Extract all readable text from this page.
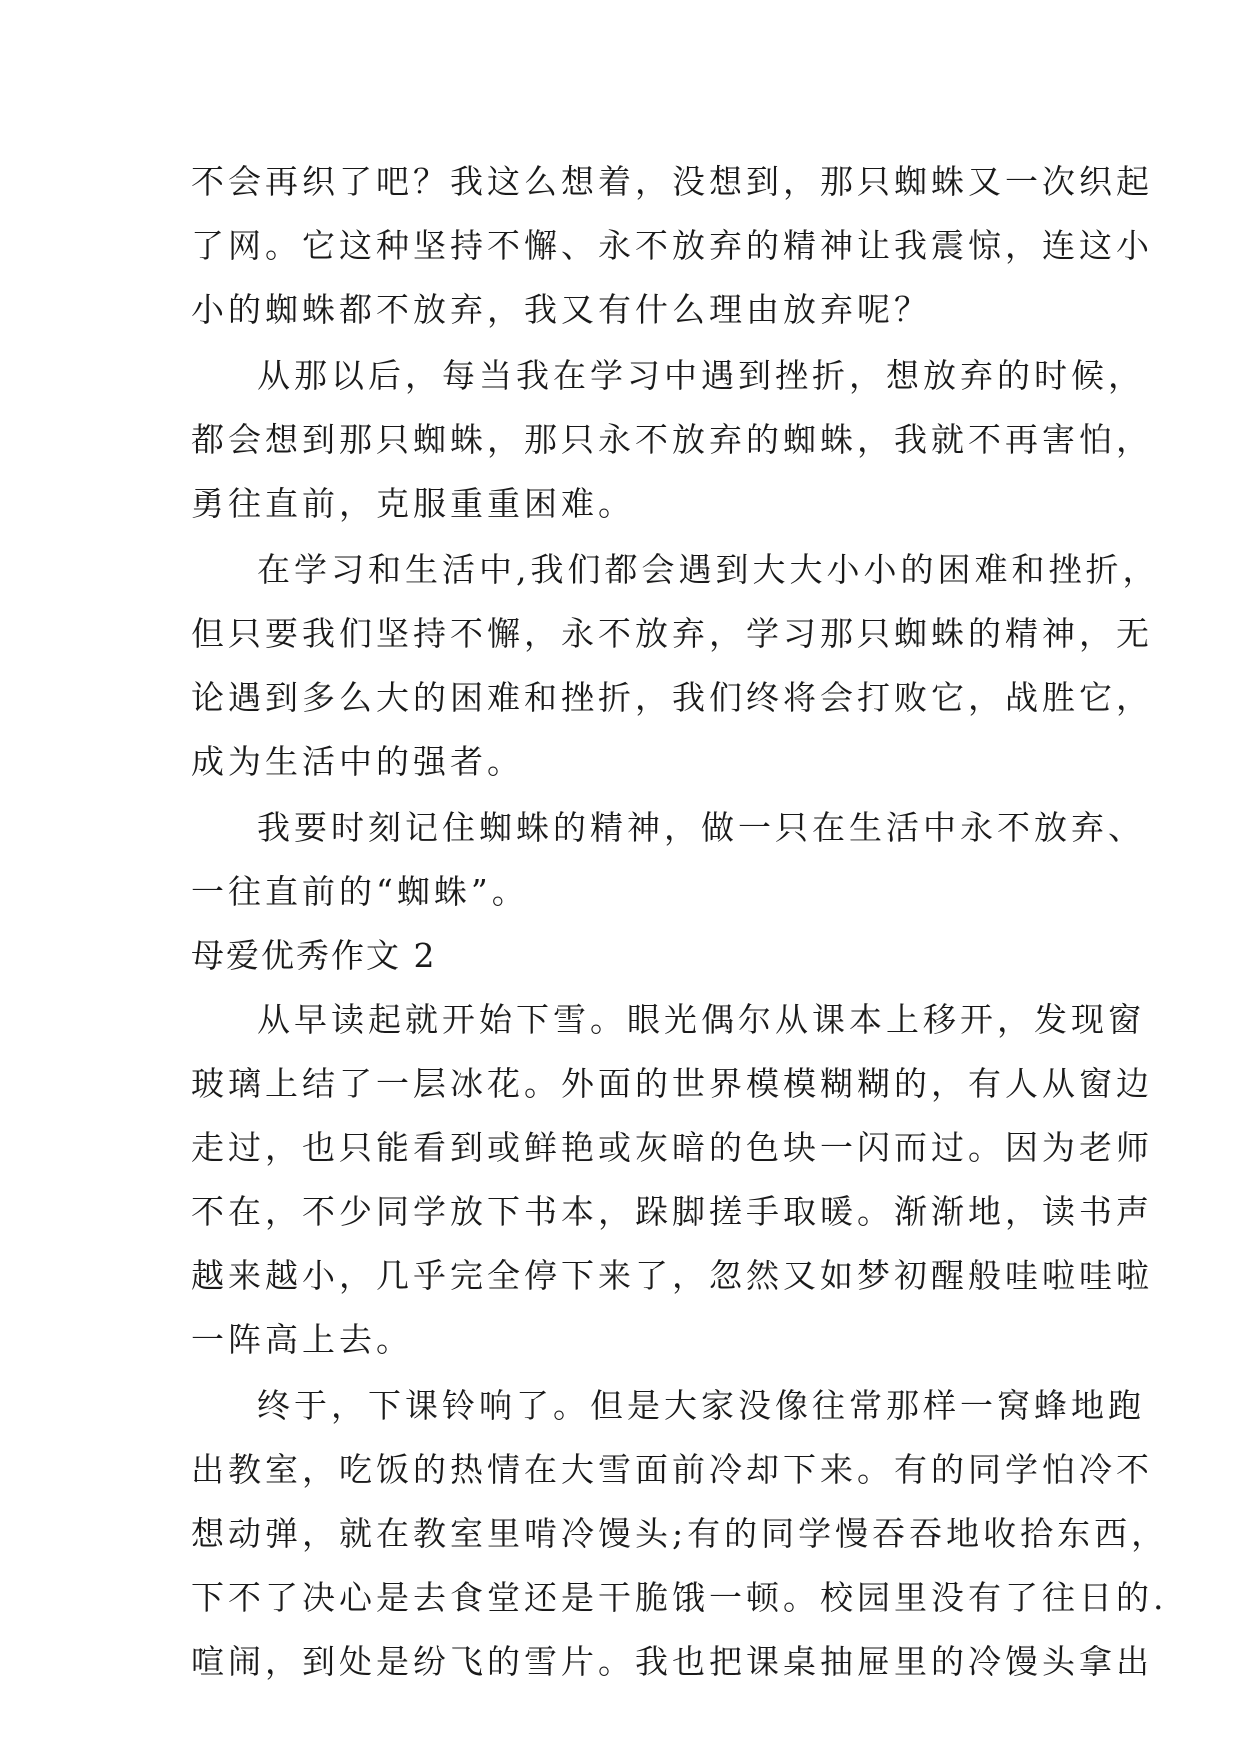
不会再织了吧？我这么想着，没想到，那只蜘蛛又一次织起
了网。它这种坚持不懈、永不放弃的精神让我震惊，连这小
小的蜘蛛都不放弃，我又有什么理由放弃呢？
从那以后，每当我在学习中遇到挫折，想放弃的时候，
都会想到那只蜘蛛，那只永不放弃的蜘蛛，我就不再害怕，
勇往直前，克服重重困难。
在学习和生活中,我们都会遇到大大小小的困难和挫折，
但只要我们坚持不懈，永不放弃，学习那只蜘蛛的精神，无
论遇到多么大的困难和挫折，我们终将会打败它，战胜它，
成为生活中的强者。
我要时刻记住蜘蛛的精神，做一只在生活中永不放弃、
一往直前的“蜘蛛”。
母爱优秀作文 2
从早读起就开始下雪。眼光偶尔从课本上移开，发现窗
玻璃上结了一层冰花。外面的世界模模糊糊的，有人从窗边
走过，也只能看到或鲜艳或灰暗的色块一闪而过。因为老师
不在，不少同学放下书本，跺脚搓手取暖。渐渐地，读书声
越来越小，几乎完全停下来了，忽然又如梦初醒般哇啦哇啦
一阵高上去。
终于，下课铃响了。但是大家没像往常那样一窝蜂地跑
出教室，吃饭的热情在大雪面前冷却下来。有的同学怕冷不
想动弹，就在教室里啃冷馒头;有的同学慢吞吞地收拾东西，
下不了决心是去食堂还是干脆饿一顿。校园里没有了往日的.
喧闹，到处是纷飞的雪片。我也把课桌抽屉里的冷馒头拿出
